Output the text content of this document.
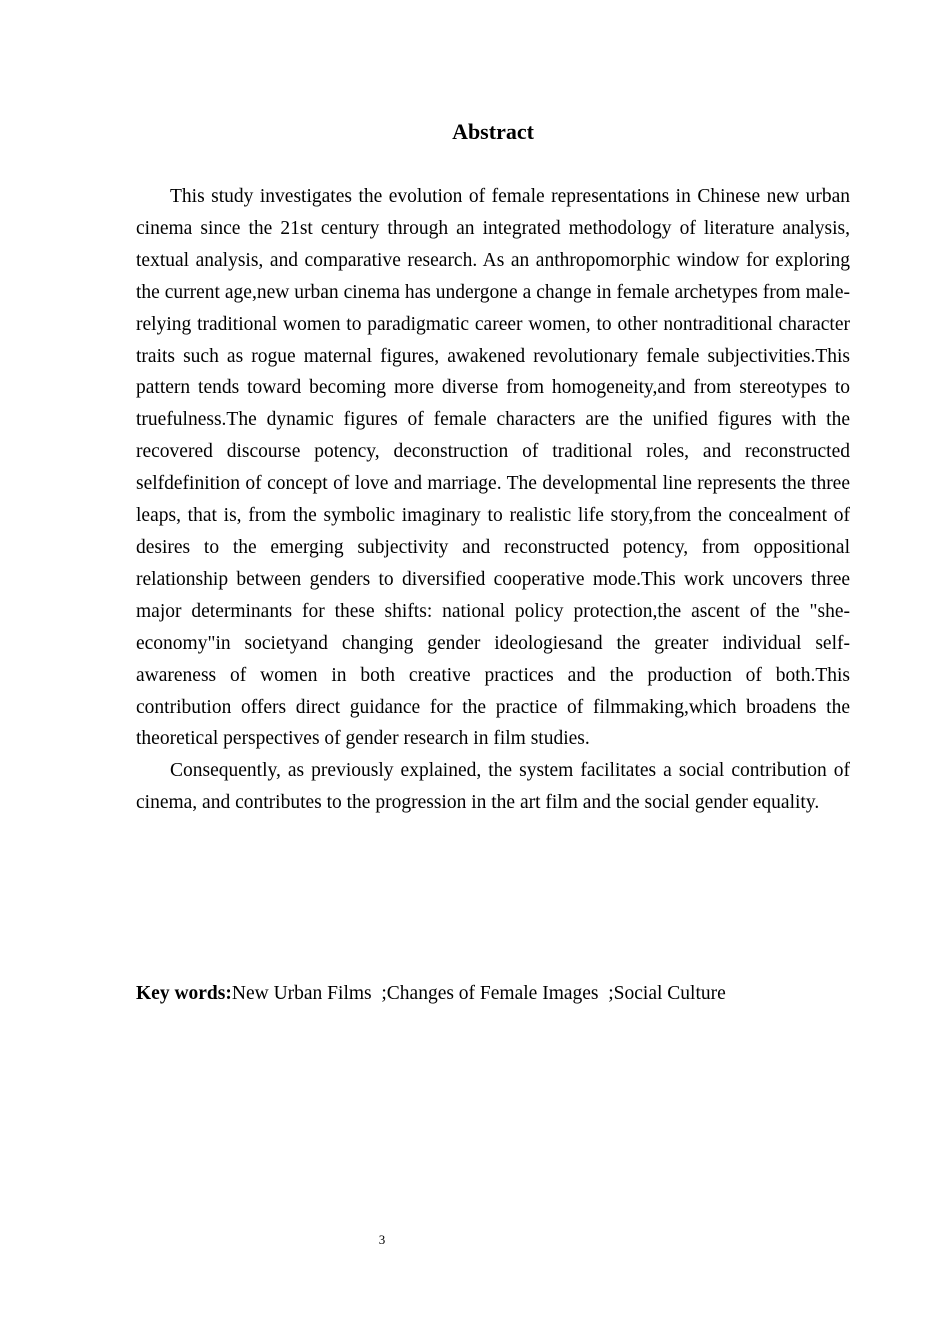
Abstract

This study investigates the evolution of female representations in Chinese new urban cinema since the 21st century through an integrated methodology of literature analysis, textual analysis, and comparative research. As an anthropomorphic window for exploring the current age,new urban cinema has undergone a change in female archetypes from male-relying traditional women to paradigmatic career women, to other nontraditional character traits such as rogue maternal figures, awakened revolutionary female subjectivities.This pattern tends toward becoming more diverse from homogeneity,and from stereotypes to truefulness.The dynamic figures of female characters are the unified figures with the recovered discourse potency, deconstruction of traditional roles, and reconstructed selfdefinition of concept of love and marriage. The developmental line represents the three leaps, that is, from the symbolic imaginary to realistic life story,from the concealment of desires to the emerging subjectivity and reconstructed potency, from oppositional relationship between genders to diversified cooperative mode.This work uncovers three major determinants for these shifts: national policy protection,the ascent of the "she-economy"in societyand changing gender ideologiesand the greater individual self-awareness of women in both creative practices and the production of both.This contribution offers direct guidance for the practice of filmmaking,which broadens the theoretical perspectives of gender research in film studies.

Consequently, as previously explained, the system facilitates a social contribution of cinema, and contributes to the progression in the art film and the social gender equality.

Key words:New Urban Films  ;Changes of Female Images  ;Social Culture

3
